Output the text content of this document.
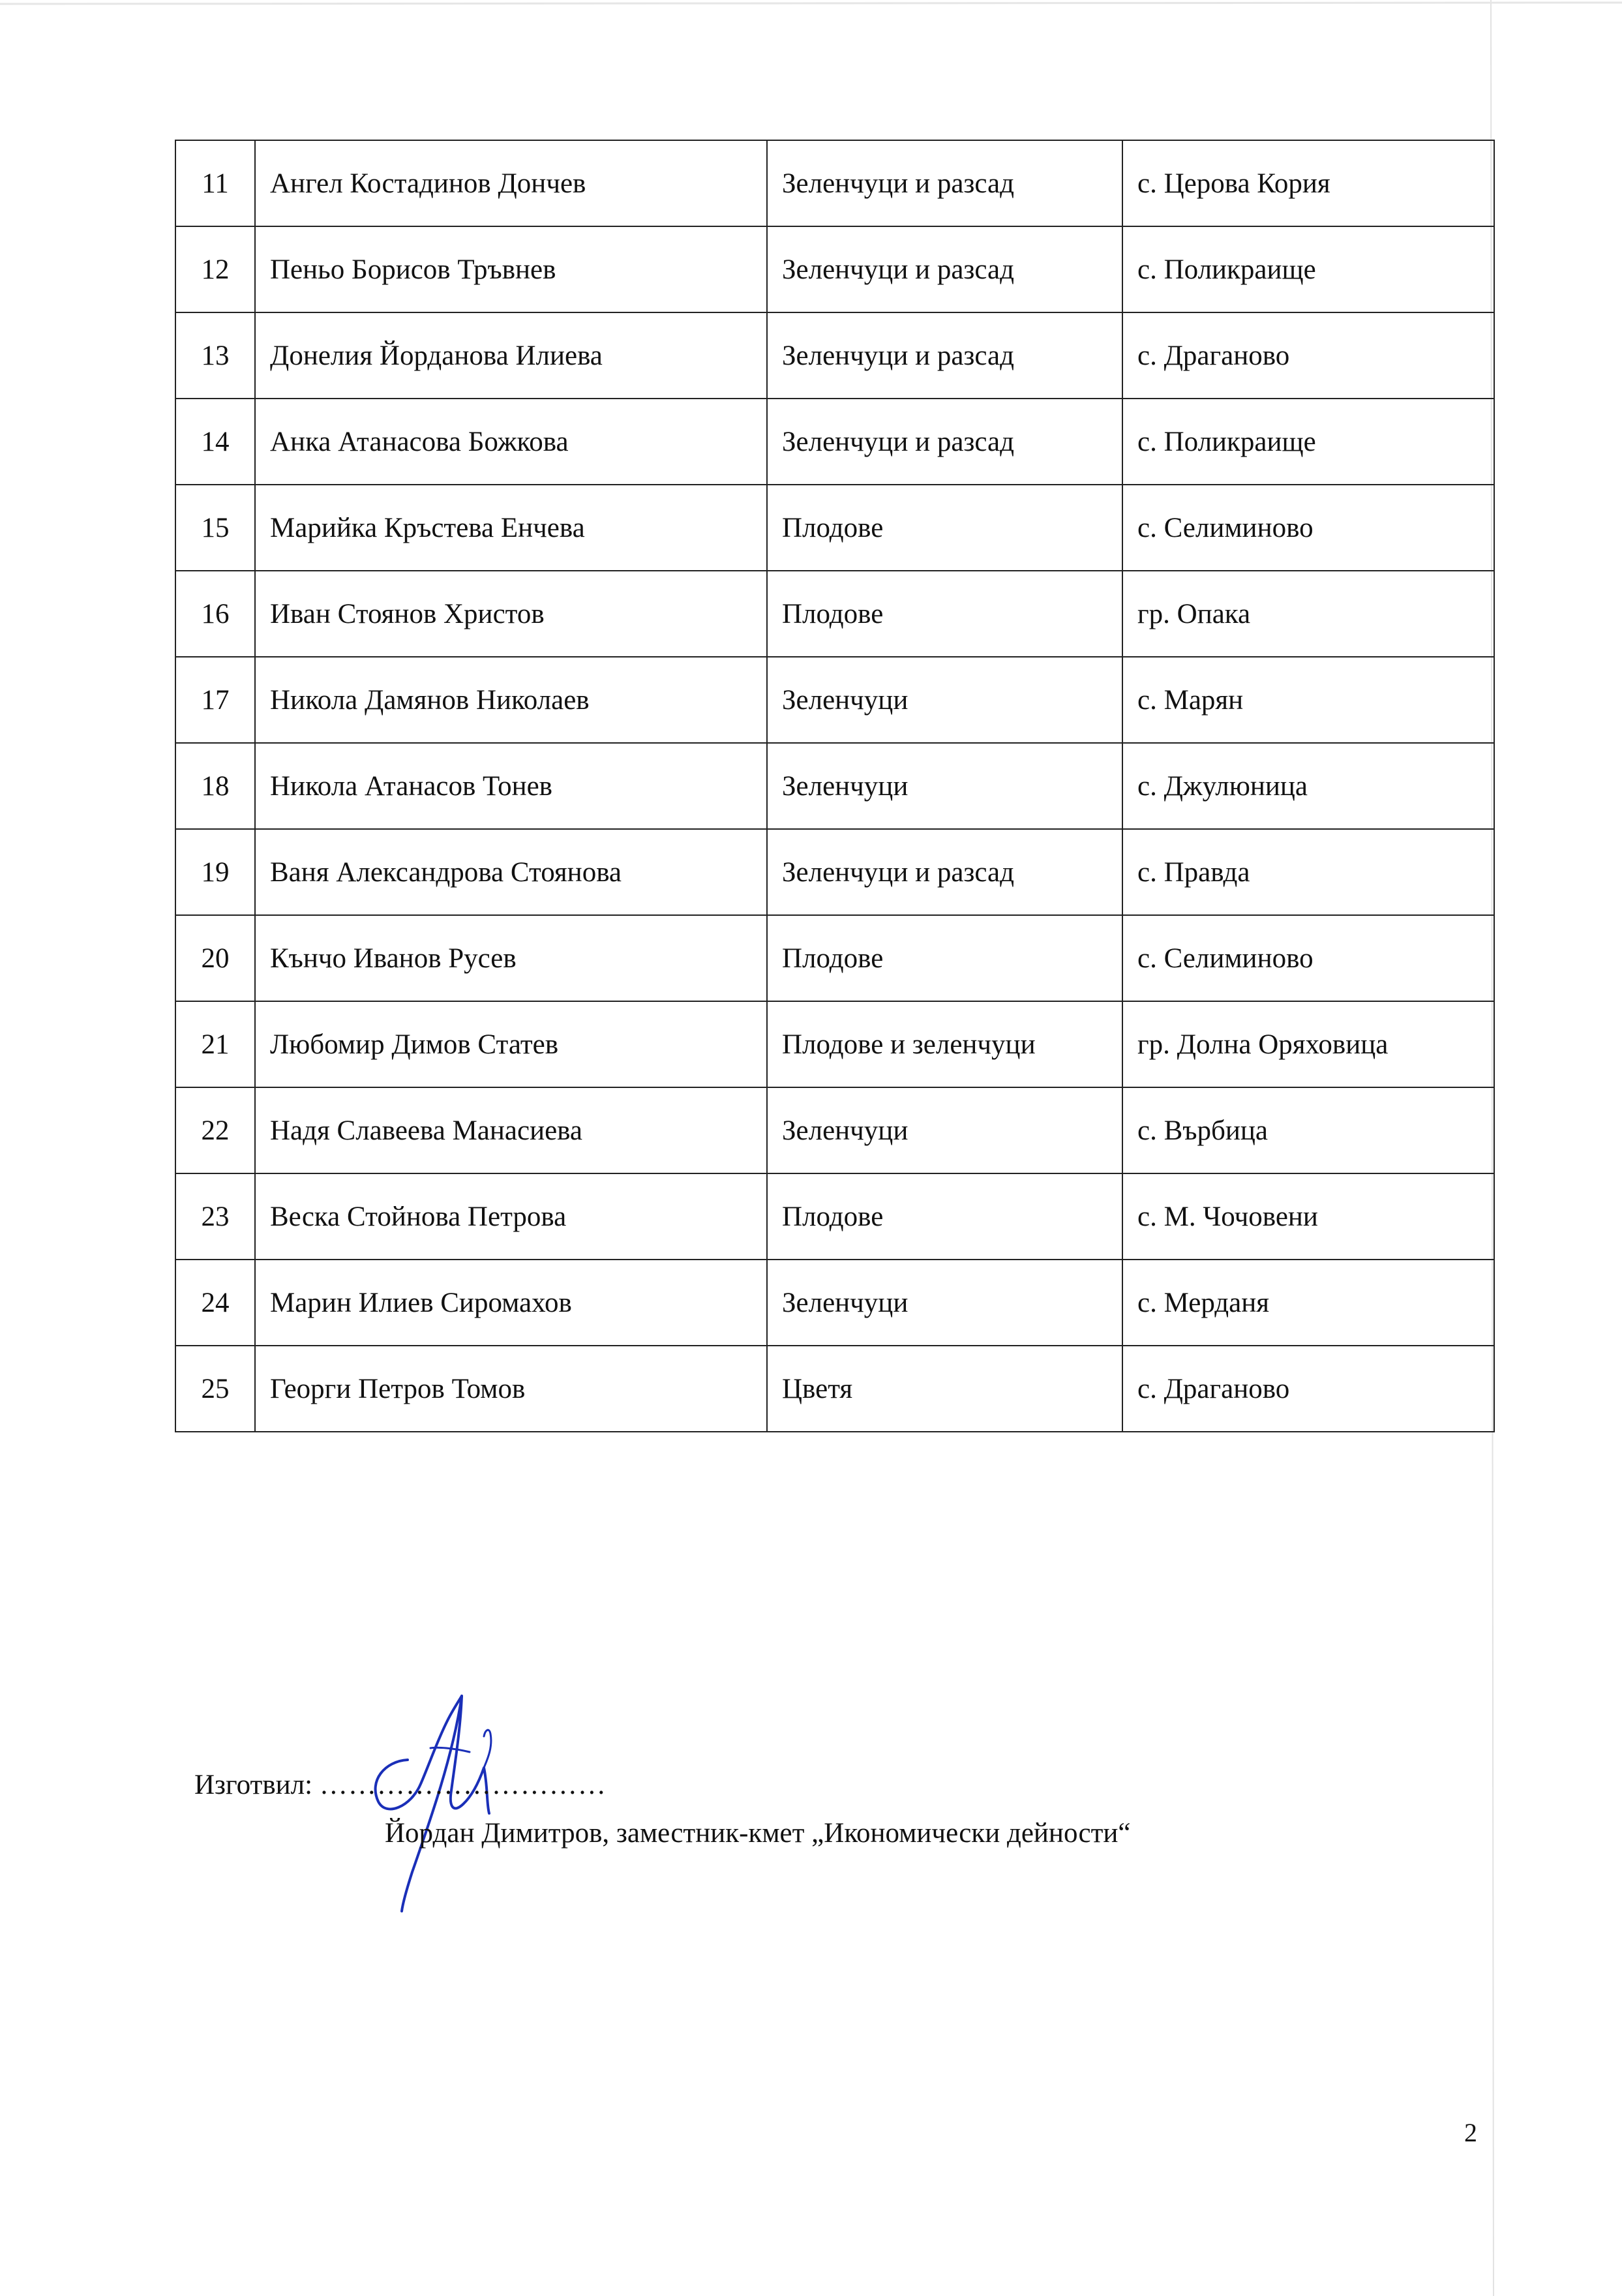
11	Ангел Костадинов Дончев	Зеленчуци и разсад	с. Церова Кория
12	Пеньо Борисов Тръвнев	Зеленчуци и разсад	с. Поликраище
13	Донелия Йорданова Илиева	Зеленчуци и разсад	с. Драганово
14	Анка Атанасова Божкова	Зеленчуци и разсад	с. Поликраище
15	Марийка Кръстева Енчева	Плодове	с. Селиминово
16	Иван Стоянов Христов	Плодове	гр. Опака
17	Никола Дамянов Николаев	Зеленчуци	с. Марян
18	Никола Атанасов Тонев	Зеленчуци	с. Джулюница
19	Ваня Александрова Стоянова	Зеленчуци и разсад	с. Правда
20	Кънчо Иванов Русев	Плодове	с. Селиминово
21	Любомир Димов Статев	Плодове и зеленчуци	гр. Долна Оряховица
22	Надя Славеева Манасиева	Зеленчуци	с. Върбица
23	Веска Стойнова Петрова	Плодове	с. М. Чочовени
24	Марин Илиев Сиромахов	Зеленчуци	с. Мерданя
25	Георги Петров Томов	Цветя	с. Драганово
Изготвил: …………………………
Йордан Димитров, заместник-кмет „Икономически дейности“
2
